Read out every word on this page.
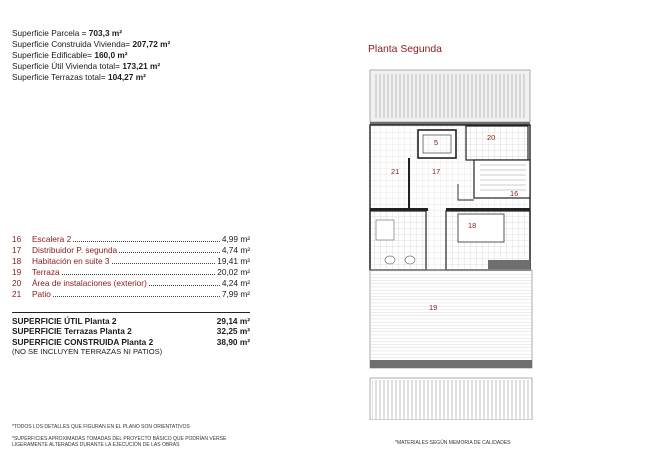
Superficie Parcela = 703,3 m²
Superficie Construida Vivienda= 207,72 m²
Superficie Edificable= 160,0 m²
Superficie Útil Vivienda total= 173,21 m²
Superficie Terrazas total= 104,27 m²
16	Escalera 2	4,99 m²
17	Distribuidor P. segunda	4,74 m²
18	Habitación en suite 3	19,41 m²
19	Terraza	20,02 m²
20	Área de instalaciones (exterior)	4,24 m²
21	Patio	7,99 m²
SUPERFICIE ÚTIL Planta 2	29,14 m²
SUPERFICIE Terrazas Planta 2	32,25 m²
SUPERFICIE CONSTRUIDA Planta 2	38,90 m²
(NO SE INCLUYEN TERRAZAS NI PATIOS)
*TODOS LOS DETALLES QUE FIGURAN EN EL PLANO SON ORIENTATIVOS
*SUPERFICIES APROXIMADAS TOMADAS DEL PROYECTO BÁSICO QUE PODRÍAN VERSE
LIGERAMENTE ALTERADAS DURANTE LA EJECUCIÓN DE LAS OBRAS	*MATERIALES SEGÚN MEMORIA DE CALIDADES
Planta Segunda
5
20
21	17
16
18
19
